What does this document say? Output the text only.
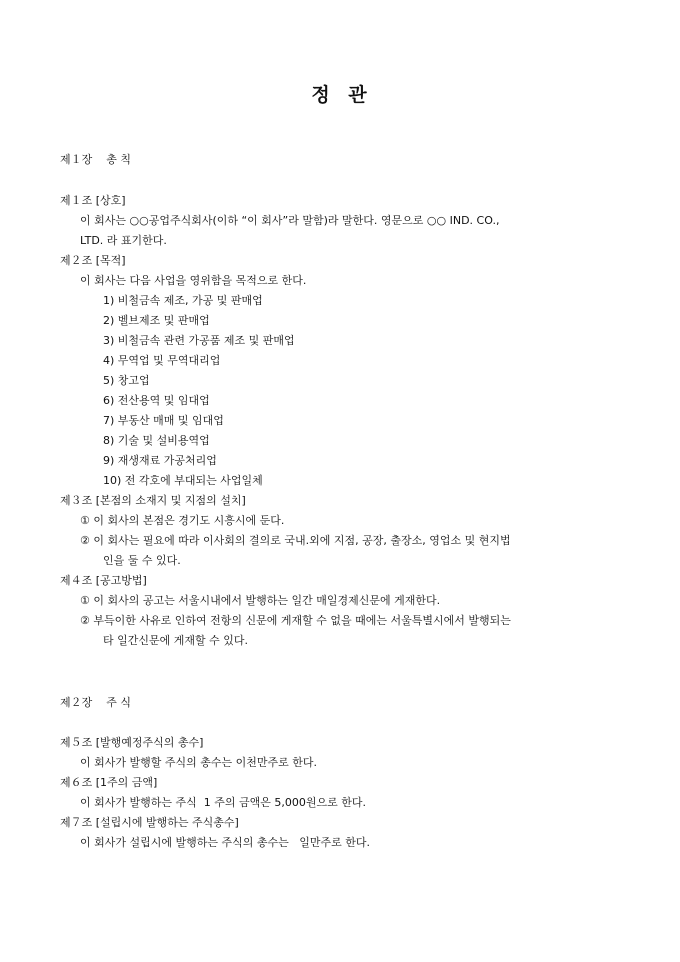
정 관
제１장    총 칙
제１조 [상호]
이 회사는 ○○공업주식회사(이하 “이 회사”라 말함)라 말한다. 영문으로 ○○ IND. CO.,
LTD. 라 표기한다.
제２조 [목적]
이 회사는 다음 사업을 영위함을 목적으로 한다.
1) 비철금속 제조, 가공 및 판매업
2) 벨브제조 및 판매업
3) 비철금속 관련 가공품 제조 및 판매업
4) 무역업 및 무역대리업
5) 창고업
6) 전산용역 및 임대업
7) 부동산 매매 및 임대업
8) 기술 및 설비용역업
9) 재생재료 가공처리업
10) 전 각호에 부대되는 사업일체
제３조 [본점의 소재지 및 지점의 설치]
① 이 회사의 본점은 경기도 시흥시에 둔다.
② 이 회사는 필요에 따라 이사회의 결의로 국내.외에 지점, 공장, 출장소, 영업소 및 현지법
인을 둘 수 있다.
제４조 [공고방법]
① 이 회사의 공고는 서울시내에서 발행하는 일간 매일경제신문에 게재한다.
② 부득이한 사유로 인하여 전항의 신문에 게재할 수 없을 때에는 서울특별시에서 발행되는
타 일간신문에 게재할 수 있다.
제２장    주 식
제５조 [발행예정주식의 총수]
이 회사가 발행할 주식의 총수는 이천만주로 한다.
제６조 [1주의 금액]
이 회사가 발행하는 주식  1 주의 금액은 5,000원으로 한다.
제７조 [설립시에 발행하는 주식총수]
이 회사가 설립시에 발행하는 주식의 총수는   일만주로 한다.
